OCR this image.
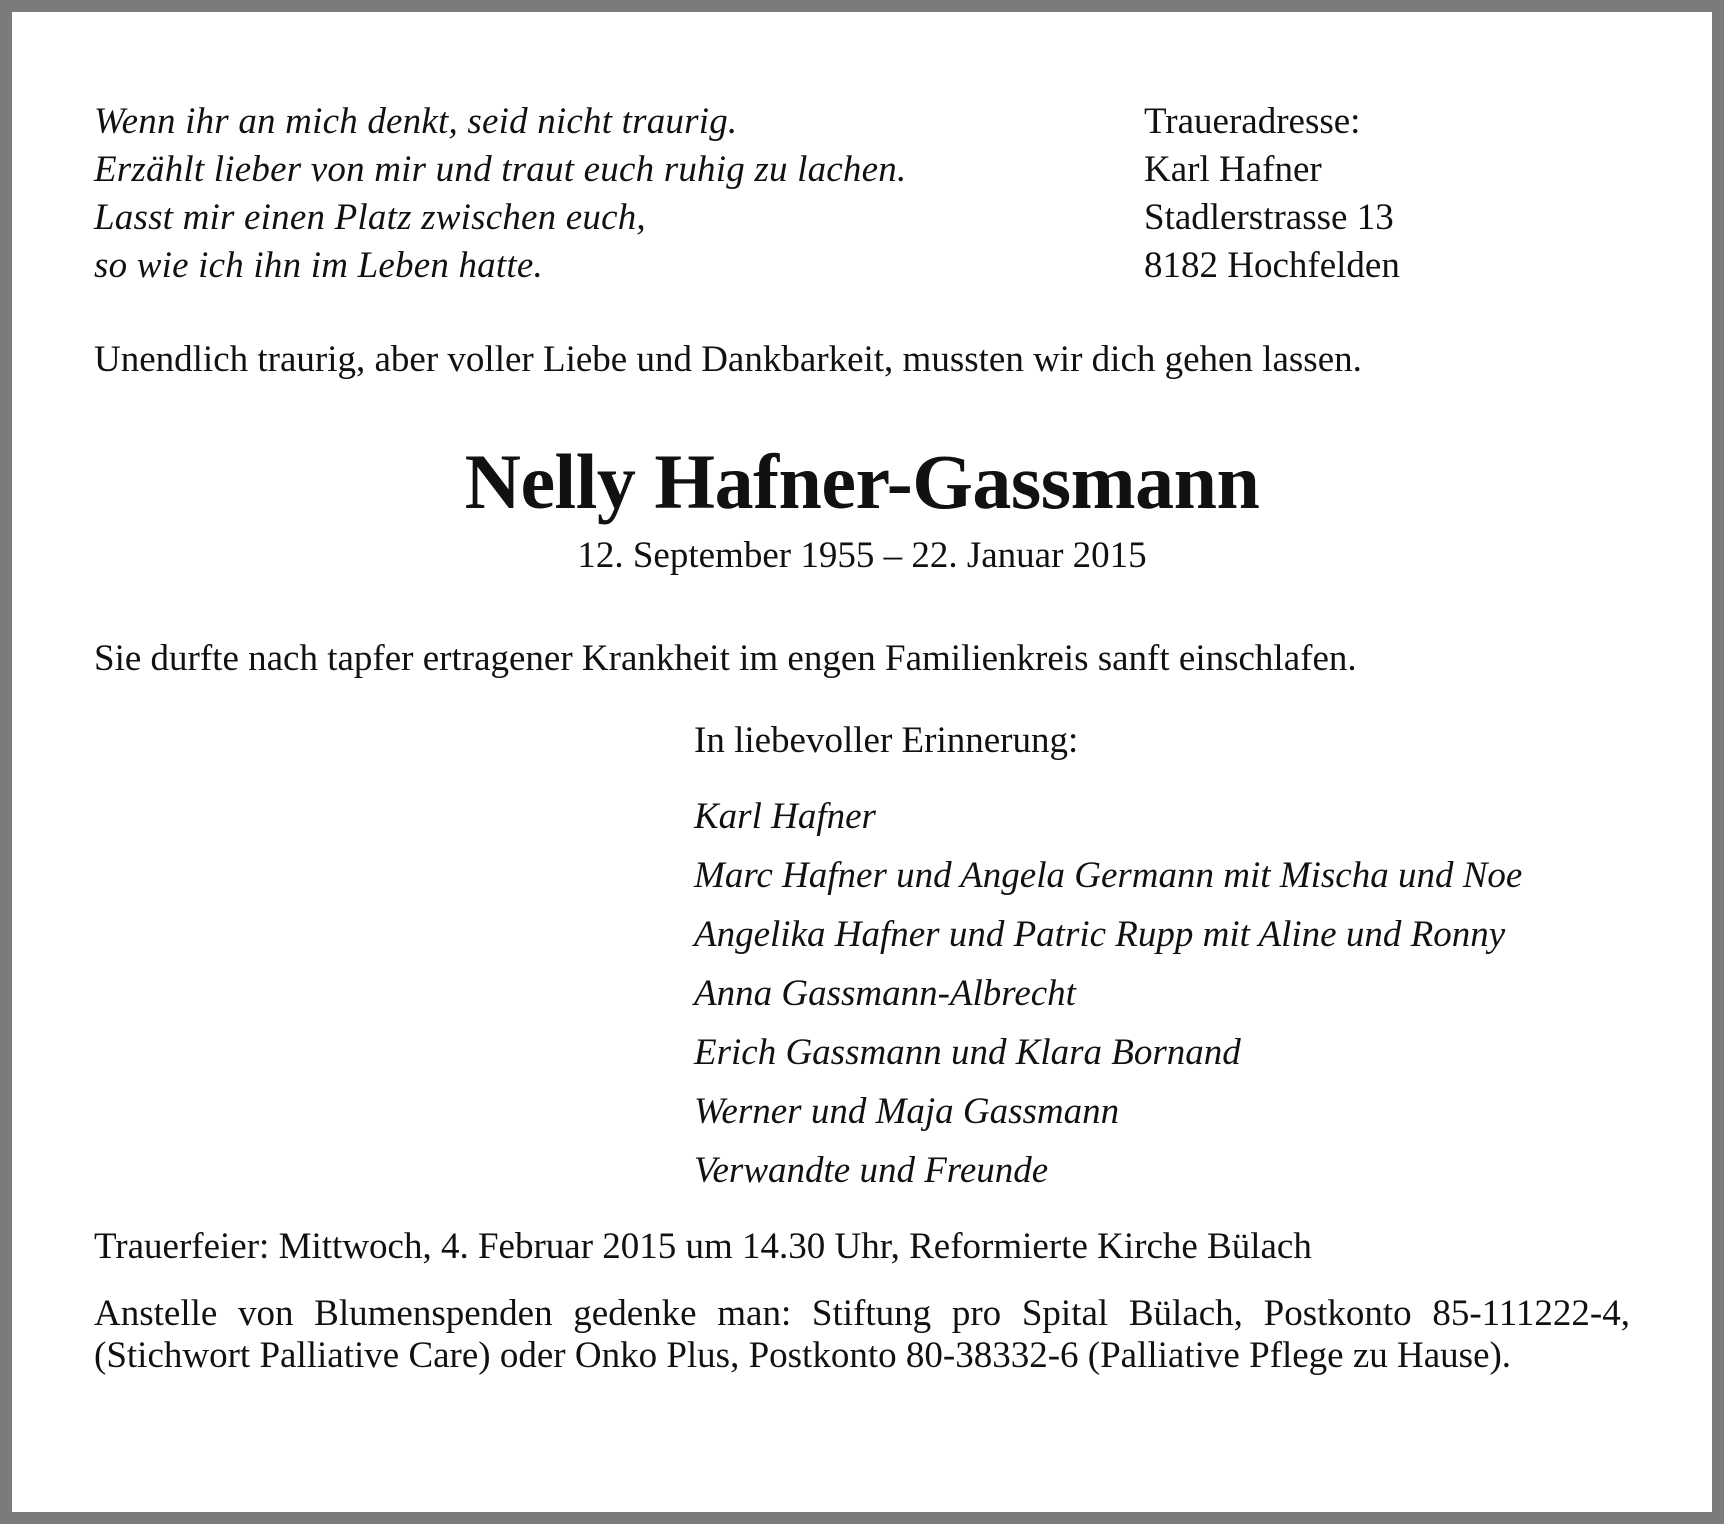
Wenn ihr an mich denkt, seid nicht traurig.
Erzählt lieber von mir und traut euch ruhig zu lachen.
Lasst mir einen Platz zwischen euch,
so wie ich ihn im Leben hatte.
Traueradresse:
Karl Hafner
Stadlerstrasse 13
8182 Hochfelden

Unendlich traurig, aber voller Liebe und Dankbarkeit, mussten wir dich gehen lassen.

Nelly Hafner-Gassmann

12. September 1955 – 22. Januar 2015

Sie durfte nach tapfer ertragener Krankheit im engen Familienkreis sanft einschlafen.

In liebevoller Erinnerung:

Karl Hafner
Marc Hafner und Angela Germann mit Mischa und Noe
Angelika Hafner und Patric Rupp mit Aline und Ronny
Anna Gassmann-Albrecht
Erich Gassmann und Klara Bornand
Werner und Maja Gassmann
Verwandte und Freunde

Trauerfeier: Mittwoch, 4. Februar 2015 um 14.30 Uhr, Reformierte Kirche Bülach

Anstelle von Blumenspenden gedenke man: Stiftung pro Spital Bülach, Postkonto 85-111222-4, (Stichwort Palliative Care) oder Onko Plus, Postkonto 80-38332-6 (Palliative Pflege zu Hause).
